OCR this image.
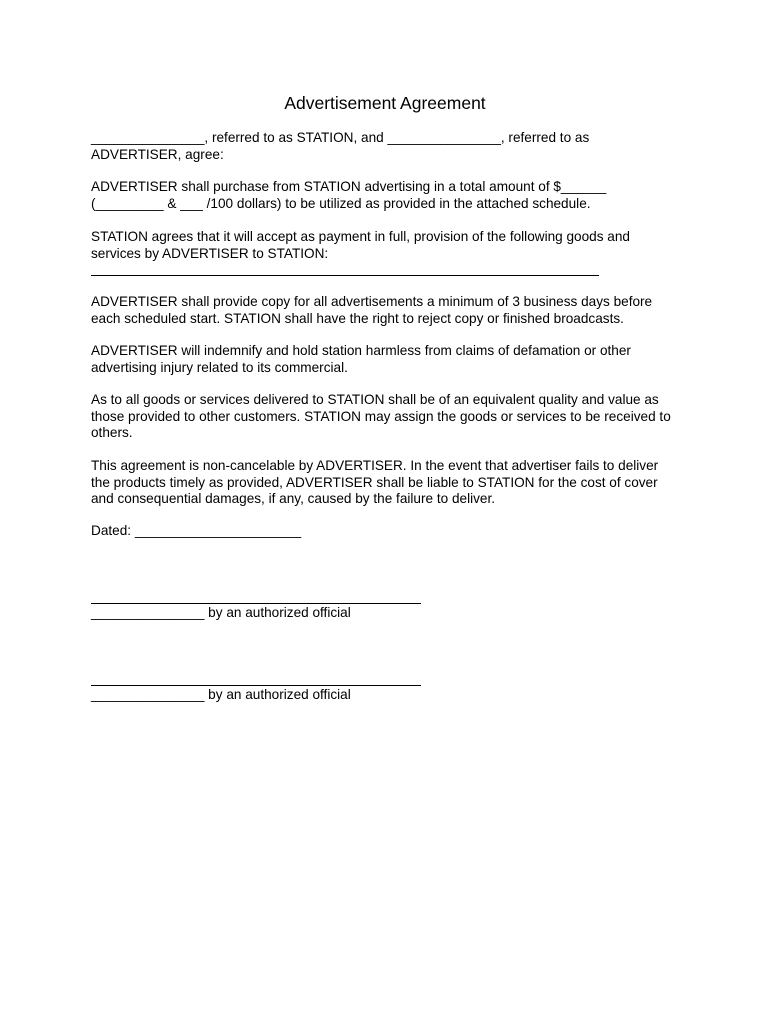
Advertisement Agreement
_______________, referred to as STATION, and _______________, referred to as
ADVERTISER, agree:
ADVERTISER shall purchase from STATION advertising in a total amount of $______
(_________ & ___ /100 dollars) to be utilized as provided in the attached schedule.
STATION agrees that it will accept as payment in full, provision of the following goods and
services by ADVERTISER to STATION:
ADVERTISER shall provide copy for all advertisements a minimum of 3 business days before
each scheduled start. STATION shall have the right to reject copy or finished broadcasts.
ADVERTISER will indemnify and hold station harmless from claims of defamation or other
advertising injury related to its commercial.
As to all goods or services delivered to STATION shall be of an equivalent quality and value as
those provided to other customers. STATION may assign the goods or services to be received to
others.
This agreement is non-cancelable by ADVERTISER. In the event that advertiser fails to deliver
the products timely as provided, ADVERTISER shall be liable to STATION for the cost of cover
and consequential damages, if any, caused by the failure to deliver.
Dated: ______________________
_______________ by an authorized official
_______________ by an authorized official
